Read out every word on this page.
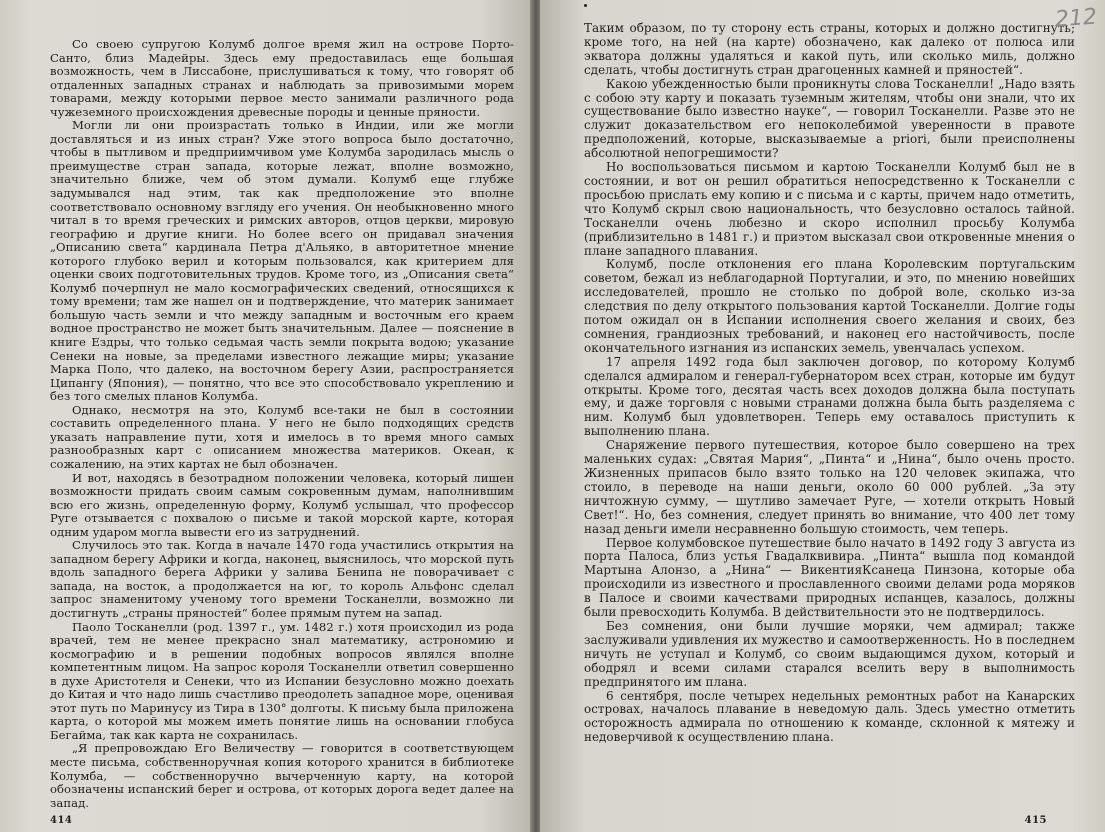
Со своею супругою Колумб долгое время жил на острове Порто-Санто, близ Мадейры. Здесь ему предоставилась еще большая возможность, чем в Лиссабоне, прислушиваться к тому, что говорят об отдаленных западных странах и наблюдать за привозимыми морем товарами, между которыми первое место занимали различного рода чужеземного происхождения древесные породы и ценные пряности.

Могли ли они произрастать только в Индии, или же могли доставляться и из иных стран? Уже этого вопроса было достаточно, чтобы в пытливом и предприимчивом уме Колумба зародилась мысль о преимуществе стран запада, которые лежат, вполне возможно, значительно ближе, чем об этом думали. Колумб еще глубже задумывался над этим, так как предположение это вполне соответствовало основному взгляду его учения. Он необыкновенно много читал в то время греческих и римских авторов, отцов церкви, мировую географию и другие книги. Но более всего он придавал значения „Описанию света“ кардинала Петра д'Альяко, в авторитетное мнение которого глубоко верил и которым пользовался, как критерием для оценки своих подготовительных трудов. Кроме того, из „Описания света“ Колумб почерпнул не мало космографических сведений, относящихся к тому времени; там же нашел он и подтверждение, что материк занимает большую часть земли и что между западным и восточным его краем водное пространство не может быть значительным. Далее — пояснение в книге Ездры, что только седьмая часть земли покрыта водою; указание Сенеки на новые, за пределами известного лежащие миры; указание Марка Поло, что далеко, на восточном берегу Азии, распространяется Ципангу (Япония), — понятно, что все это способствовало укреплению и без того смелых планов Колумба.

Однако, несмотря на это, Колумб все-таки не был в состоянии составить определенного плана. У него не было подходящих средств указать направление пути, хотя и имелось в то время много самых разнообразных карт с описанием множества материков. Океан, к сожалению, на этих картах не был обозначен.

И вот, находясь в безотрадном положении человека, который лишен возможности придать своим самым сокровенным думам, наполнившим всю его жизнь, определенную форму, Колумб услышал, что профессор Руге отзывается с похвалою о письме и такой морской карте, которая одним ударом могла вывести его из затруднений.

Случилось это так. Когда в начале 1470 года участились открытия на западном берегу Африки и когда, наконец, выяснилось, что морской путь вдоль западного берега Африки у залива Бенипа не поворачивает с запада, на восток, а продолжается на юг, то король Альфонс сделал запрос знаменитому ученому того времени Тосканелли, возможно ли достигнуть „страны пряностей“ более прямым путем на запад.

Паоло Тосканелли (род. 1397 г., ум. 1482 г.) хотя происходил из рода врачей, тем не менее прекрасно знал математику, астрономию и космографию и в решении подобных вопросов являлся вполне компетентным лицом. На запрос короля Тосканелли ответил совершенно в духе Аристотеля и Сенеки, что из Испании безусловно можно доехать до Китая и что надо лишь счастливо преодолеть западное море, оценивая этот путь по Маринусу из Тира в 130° долготы. К письму была приложена карта, о которой мы можем иметь понятие лишь на основании глобуса Бегайма, так как карта не сохранилась.

„Я препровождаю Его Величеству — говорится в соответствующем месте письма, собственноручная копия которого хранится в библиотеке Колумба, — собственноручно вычерченную карту, на которой обозначены испанский берег и острова, от которых дорога ведет далее на запад.

414
212

Таким образом, по ту сторону есть страны, которых и должно достигнуть; кроме того, на ней (на карте) обозначено, как далеко от полюса или экватора должны удаляться и какой путь, или сколько миль, должно сделать, чтобы достигнуть стран драгоценных камней и пряностей“.

Какою убежденностью были проникнуты слова Тосканелли! „Надо взять с собою эту карту и показать туземным жителям, чтобы они знали, что их существование было известно науке“, — говорил Тосканелли. Разве это не служит доказательством его непоколебимой уверенности в правоте предположений, которые, высказываемые a priori, были преисполнены абсолютной непогрешимости?

Но воспользоваться письмом и картою Тосканелли Колумб был не в состоянии, и вот он решил обратиться непосредственно к Тосканелли с просьбою прислать ему копию и с письма и с карты, причем надо отметить, что Колумб скрыл свою национальность, что безусловно осталось тайной. Тосканелли очень любезно и скоро исполнил просьбу Колумба (приблизительно в 1481 г.) и приэтом высказал свои откровенные мнения о плане западного плавания.

Колумб, после отклонения его плана Королевским португальским советом, бежал из неблагодарной Португалии, и это, по мнению новейших исследователей, прошло не столько по доброй воле, сколько из-за следствия по делу открытого пользования картой Тосканелли. Долгие годы потом ожидал он в Испании исполнения своего желания и своих, без сомнения, грандиозных требований, и наконец его настойчивость, после окончательного изгнания из испанских земель, увенчалась успехом.

17 апреля 1492 года был заключен договор, по которому Колумб сделался адмиралом и генерал-губернатором всех стран, которые им будут открыты. Кроме того, десятая часть всех доходов должна была поступать ему, и даже торговля с новыми странами должна была быть разделяема с ним. Колумб был удовлетворен. Теперь ему оставалось приступить к выполнению плана.

Снаряжение первого путешествия, которое было совершено на трех маленьких судах: „Святая Мария“, „Пинта“ и „Нина“, было очень просто. Жизненных припасов было взято только на 120 человек экипажа, что стоило, в переводе на наши деньги, около 60 000 рублей. „За эту ничтожную сумму, — шутливо замечает Руге, — хотели открыть Новый Свет!“. Но, без сомнения, следует принять во внимание, что 400 лет тому назад деньги имели несравненно большую стоимость, чем теперь.

Первое колумбовское путешествие было начато в 1492 году 3 августа из порта Палоса, близ устья Гвадалквивира. „Пинта“ вышла под командой Мартына Алонзо, а „Нина“ — ВикентияКсанеца Пинзона, которые оба происходили из известного и прославленного своими делами рода моряков в Палосе и своими качествами природных испанцев, казалось, должны были превосходить Колумба. В действительности это не подтвердилось.

Без сомнения, они были лучшие моряки, чем адмирал; также заслуживали удивления их мужество и самоотверженность. Но в последнем ничуть не уступал и Колумб, со своим выдающимся духом, который и ободрял и всеми силами старался вселить веру в выполнимость предпринятого им плана.

6 сентября, после четырех недельных ремонтных работ на Канарских островах, началось плавание в неведомую даль. Здесь уместно отметить осторожность адмирала по отношению к команде, склонной к мятежу и недоверчивой к осуществлению плана.

415
